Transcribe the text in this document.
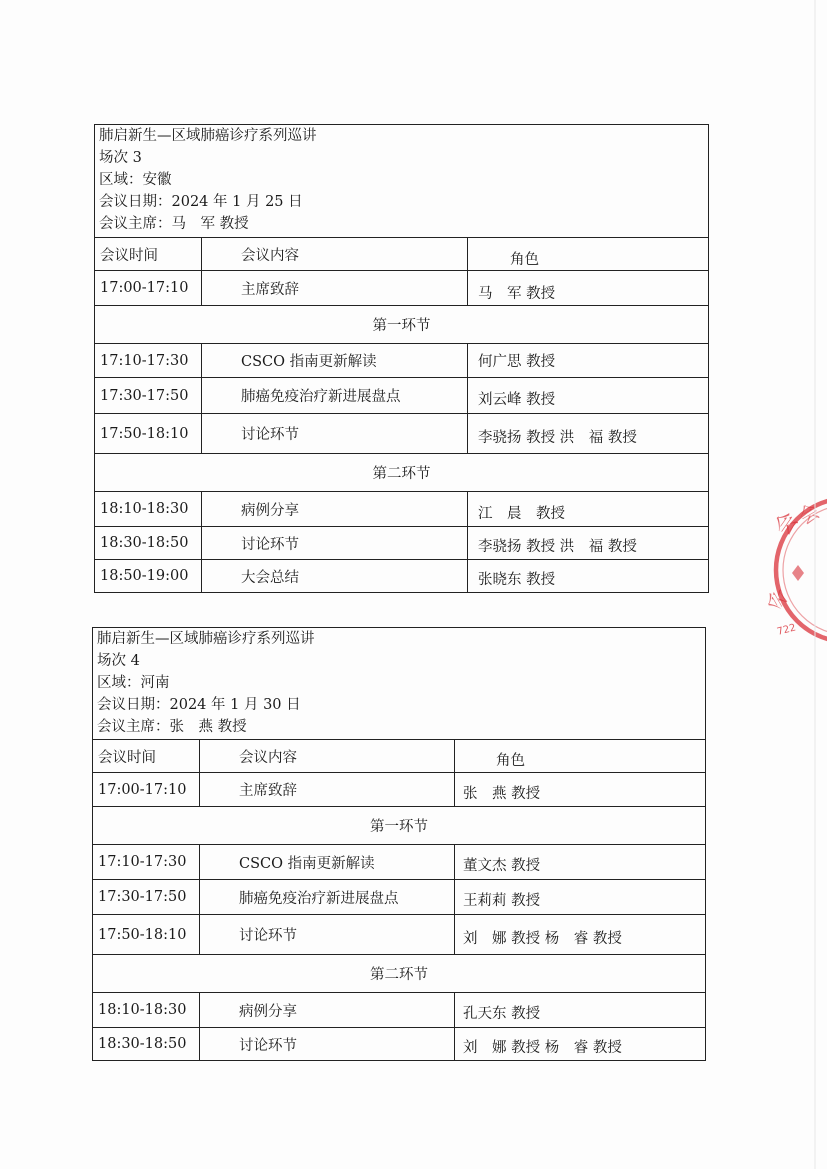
肺启新生—区域肺癌诊疗系列巡讲
场次 3
区域：安徽
会议日期：2024 年 1 月 25 日
会议主席：马　军 教授
会议时间	会议内容	角色
17:00-17:10	主席致辞	马　军 教授
第一环节
17:10-17:30	CSCO 指南更新解读	何广思 教授
17:30-17:50	肺癌免疫治疗新进展盘点	刘云峰 教授
17:50-18:10	讨论环节	李骁扬 教授 洪　福 教授
第二环节
18:10-18:30	病例分享	江　晨　教授
18:30-18:50	讨论环节	李骁扬 教授 洪　福 教授
18:50-19:00	大会总结	张晓东 教授
肺启新生—区域肺癌诊疗系列巡讲
场次 4
区域：河南
会议日期：2024 年 1 月 30 日
会议主席：张　燕 教授
会议时间	会议内容	角色
17:00-17:10	主席致辞	张　燕 教授
第一环节
17:10-17:30	CSCO 指南更新解读	董文杰 教授
17:30-17:50	肺癌免疫治疗新进展盘点	王莉莉 教授
17:50-18:10	讨论环节	刘　娜 教授 杨　睿 教授
第二环节
18:10-18:30	病例分享	孔天东 教授
18:30-18:50	讨论环节	刘　娜 教授 杨　睿 教授
会
会
会
722
